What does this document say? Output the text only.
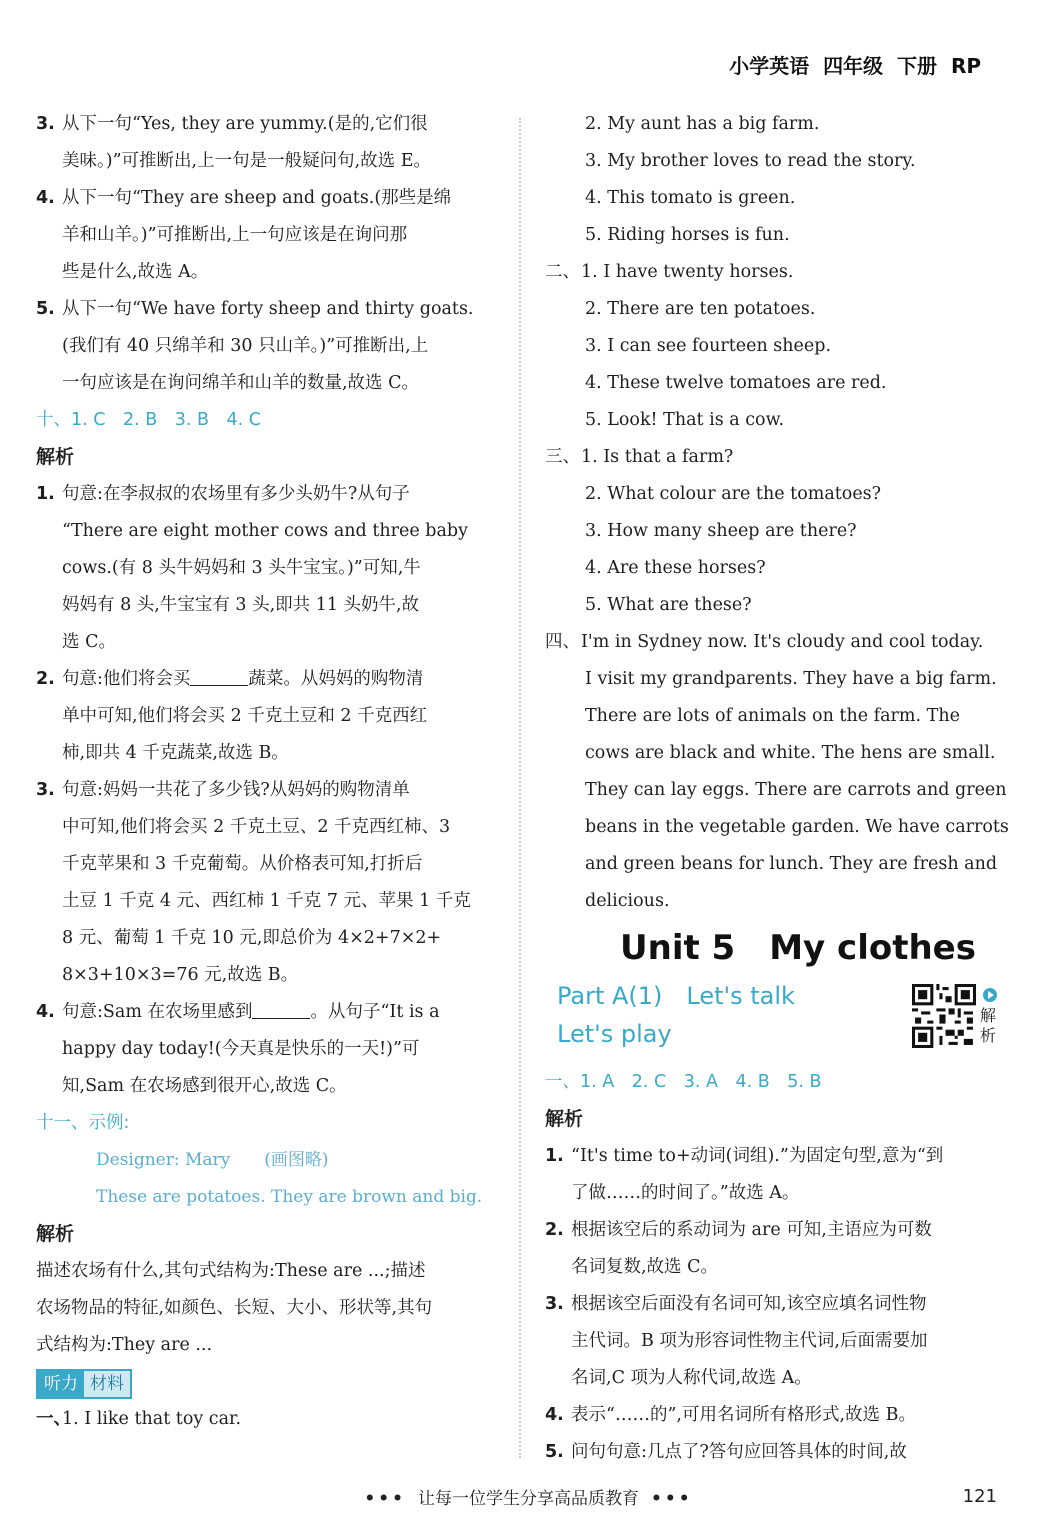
小学英语 四年级 下册 RP
3. 从下一句“Yes, they are yummy.(是的,它们很
美味。)”可推断出,上一句是一般疑问句,故选 E。
4. 从下一句“They are sheep and goats.(那些是绵
羊和山羊。)”可推断出,上一句应该是在询问那
些是什么,故选 A。
5. 从下一句“We have forty sheep and thirty goats.
(我们有 40 只绵羊和 30 只山羊。)”可推断出,上
一句应该是在询问绵羊和山羊的数量,故选 C。
十、1. C　2. B　3. B　4. C
解析
1. 句意:在李叔叔的农场里有多少头奶牛?从句子
“There are eight mother cows and three baby
cows.(有 8 头牛妈妈和 3 头牛宝宝。)”可知,牛
妈妈有 8 头,牛宝宝有 3 头,即共 11 头奶牛,故
选 C。
2. 句意:他们将会买	蔬菜。从妈妈的购物清
单中可知,他们将会买 2 千克土豆和 2 千克西红
柿,即共 4 千克蔬菜,故选 B。
3. 句意:妈妈一共花了多少钱?从妈妈的购物清单
中可知,他们将会买 2 千克土豆、2 千克西红柿、3
千克苹果和 3 千克葡萄。从价格表可知,打折后
土豆 1 千克 4 元、西红柿 1 千克 7 元、苹果 1 千克
8 元、葡萄 1 千克 10 元,即总价为 4×2+7×2+
8×3+10×3=76 元,故选 B。
4. 句意:Sam 在农场里感到	。从句子“It is a
happy day today!(今天真是快乐的一天!)”可
知,Sam 在农场感到很开心,故选 C。
十一、示例:
Designer: Mary　　(画图略)
These are potatoes. They are brown and big.
解析
描述农场有什么,其句式结构为:These are ...;描述
农场物品的特征,如颜色、长短、大小、形状等,其句
式结构为:They are ...
听力 材料
一、1. I like that toy car.
2. My aunt has a big farm.
3. My brother loves to read the story.
4. This tomato is green.
5. Riding horses is fun.
二、1. I have twenty horses.
2. There are ten potatoes.
3. I can see fourteen sheep.
4. These twelve tomatoes are red.
5. Look! That is a cow.
三、1. Is that a farm?
2. What colour are the tomatoes?
3. How many sheep are there?
4. Are these horses?
5. What are these?
四、I'm in Sydney now. It's cloudy and cool today.
I visit my grandparents. They have a big farm.
There are lots of animals on the farm. The
cows are black and white. The hens are small.
They can lay eggs. There are carrots and green
beans in the vegetable garden. We have carrots
and green beans for lunch. They are fresh and
delicious.
Unit 5　My clothes
Part A(1)　Let's talk
Let's play
解析
一、1. A　2. C　3. A　4. B　5. B
解析
1. “It's time to+动词(词组).”为固定句型,意为“到
了做……的时间了。”故选 A。
2. 根据该空后的系动词为 are 可知,主语应为可数
名词复数,故选 C。
3. 根据该空后面没有名词可知,该空应填名词性物
主代词。B 项为形容词性物主代词,后面需要加
名词,C 项为人称代词,故选 A。
4. 表示“……的”,可用名词所有格形式,故选 B。
5. 问句句意:几点了?答句应回答具体的时间,故
••• 让每一位学生分享高品质教育 •••	121
